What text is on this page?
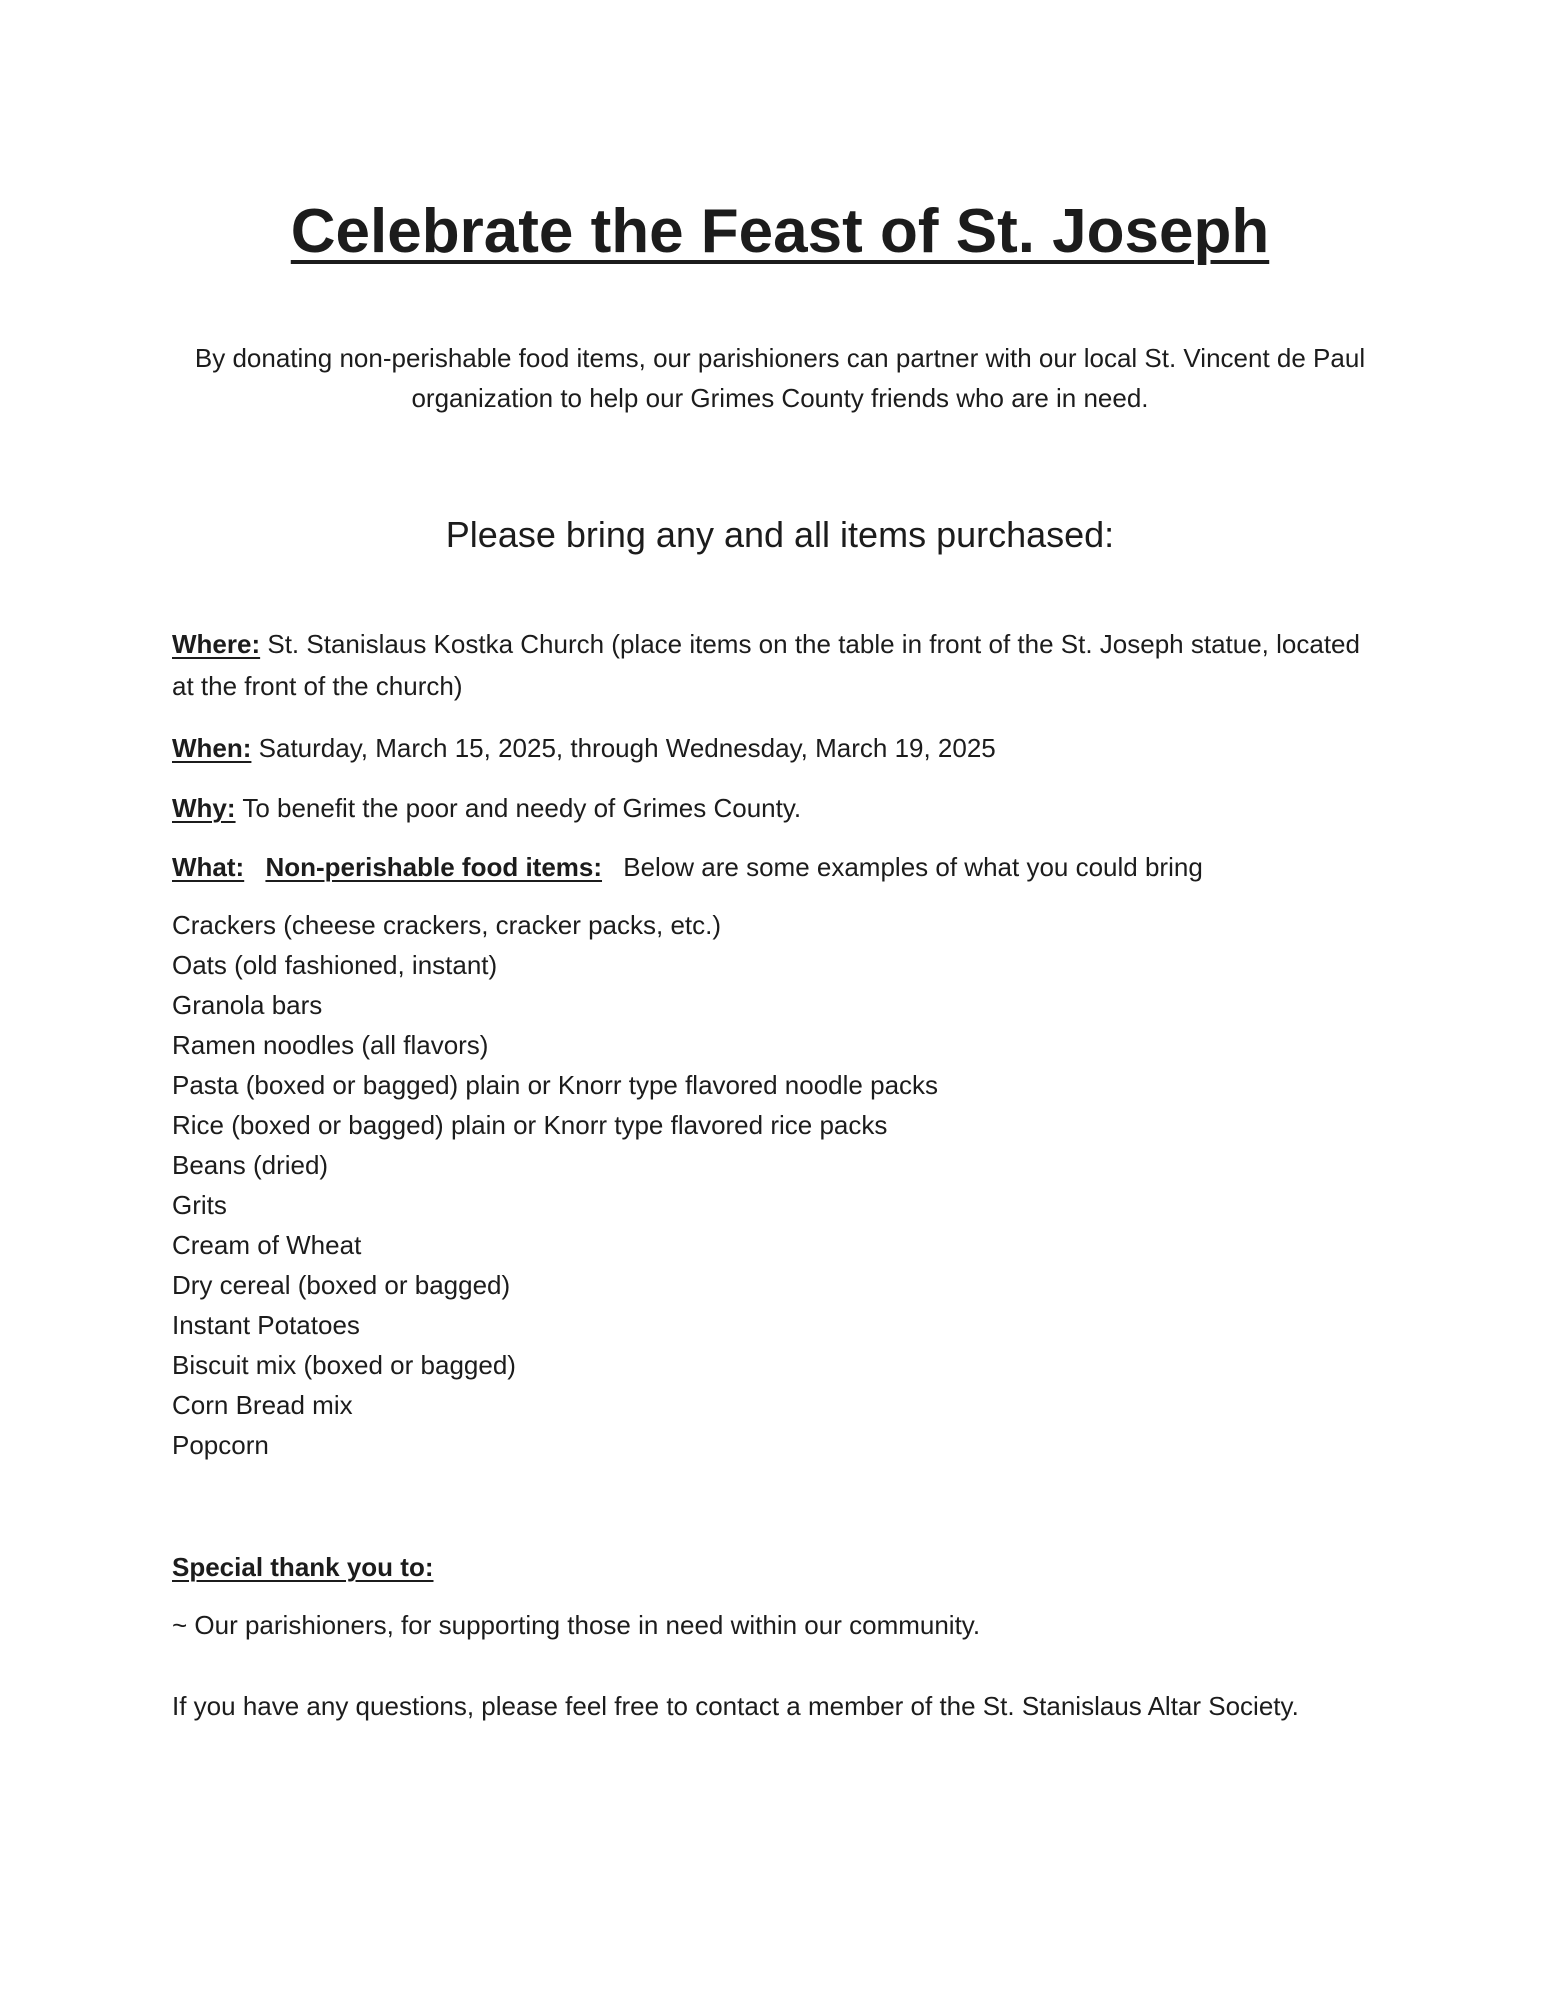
Celebrate the Feast of St. Joseph

By donating non-perishable food items, our parishioners can partner with our local St. Vincent de Paul organization to help our Grimes County friends who are in need.

Please bring any and all items purchased:

Where: St. Stanislaus Kostka Church (place items on the table in front of the St. Joseph statue, located at the front of the church)

When: Saturday, March 15, 2025, through Wednesday, March 19, 2025

Why: To benefit the poor and needy of Grimes County.

What: Non-perishable food items: Below are some examples of what you could bring

Crackers (cheese crackers, cracker packs, etc.)
Oats (old fashioned, instant)
Granola bars
Ramen noodles (all flavors)
Pasta (boxed or bagged) plain or Knorr type flavored noodle packs
Rice (boxed or bagged) plain or Knorr type flavored rice packs
Beans (dried)
Grits
Cream of Wheat
Dry cereal (boxed or bagged)
Instant Potatoes
Biscuit mix (boxed or bagged)
Corn Bread mix
Popcorn

Special thank you to:

~ Our parishioners, for supporting those in need within our community.

If you have any questions, please feel free to contact a member of the St. Stanislaus Altar Society.
